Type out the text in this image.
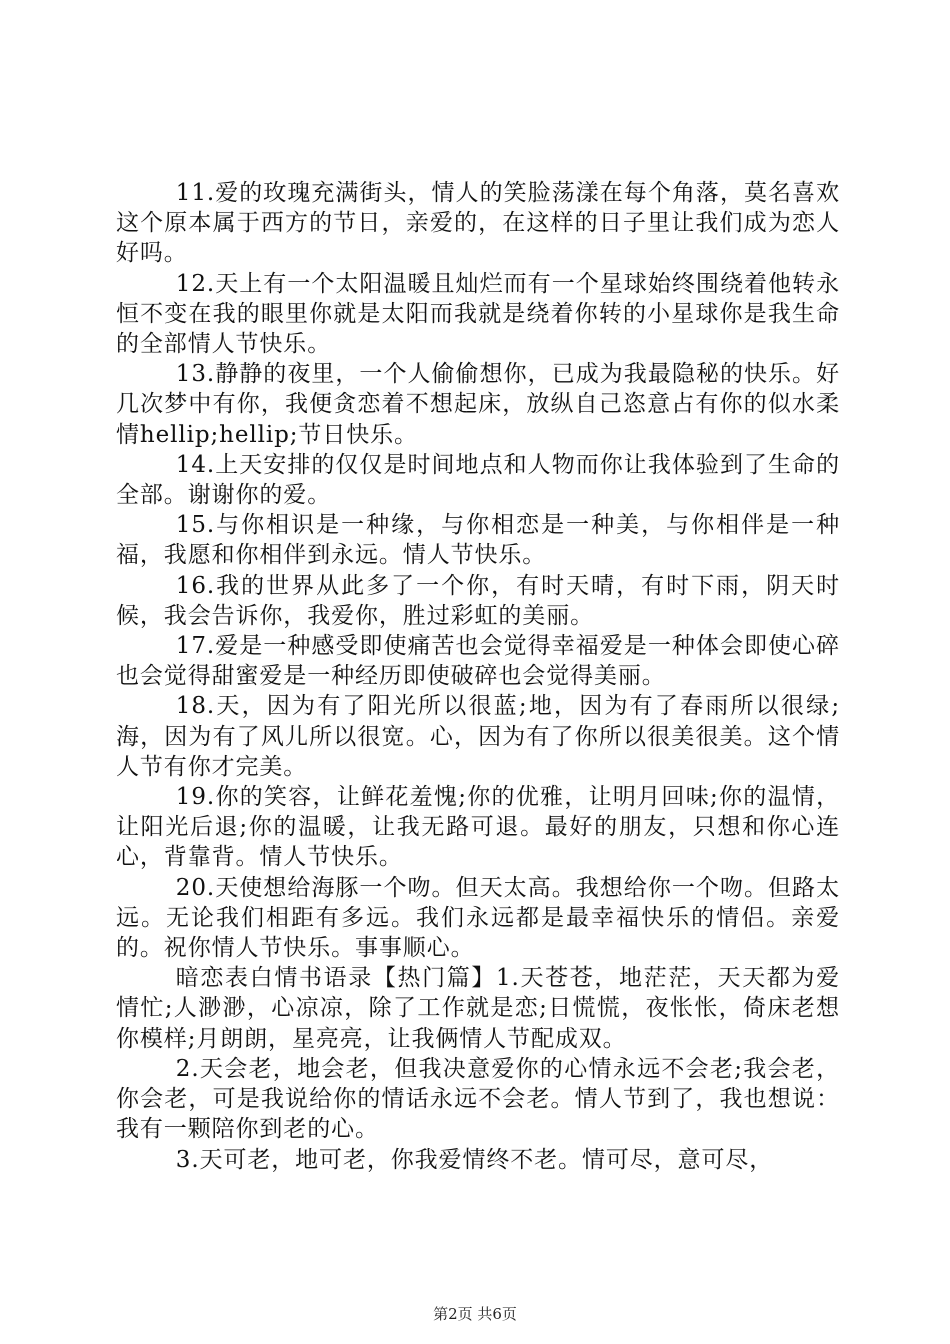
11.爱的玫瑰充满街头，情人的笑脸荡漾在每个角落，莫名喜欢这个原本属于西方的节日，亲爱的，在这样的日子里让我们成为恋人好吗。

12.天上有一个太阳温暖且灿烂而有一个星球始终围绕着他转永恒不变在我的眼里你就是太阳而我就是绕着你转的小星球你是我生命的全部情人节快乐。

13.静静的夜里，一个人偷偷想你，已成为我最隐秘的快乐。好几次梦中有你，我便贪恋着不想起床，放纵自己恣意占有你的似水柔情hellip;hellip;节日快乐。

14.上天安排的仅仅是时间地点和人物而你让我体验到了生命的全部。谢谢你的爱。

15.与你相识是一种缘，与你相恋是一种美，与你相伴是一种福，我愿和你相伴到永远。情人节快乐。

16.我的世界从此多了一个你，有时天晴，有时下雨，阴天时候，我会告诉你，我爱你，胜过彩虹的美丽。

17.爱是一种感受即使痛苦也会觉得幸福爱是一种体会即使心碎也会觉得甜蜜爱是一种经历即使破碎也会觉得美丽。

18.天，因为有了阳光所以很蓝;地，因为有了春雨所以很绿;海，因为有了风儿所以很宽。心，因为有了你所以很美很美。这个情人节有你才完美。

19.你的笑容，让鲜花羞愧;你的优雅，让明月回味;你的温情，让阳光后退;你的温暖，让我无路可退。最好的朋友，只想和你心连心，背靠背。情人节快乐。

20.天使想给海豚一个吻。但天太高。我想给你一个吻。但路太远。无论我们相距有多远。我们永远都是最幸福快乐的情侣。亲爱的。祝你情人节快乐。事事顺心。

暗恋表白情书语录【热门篇】1.天苍苍，地茫茫，天天都为爱情忙;人渺渺，心凉凉，除了工作就是恋;日慌慌，夜怅怅，倚床老想你模样;月朗朗，星亮亮，让我俩情人节配成双。

2.天会老，地会老，但我决意爱你的心情永远不会老;我会老，你会老，可是我说给你的情话永远不会老。情人节到了，我也想说：我有一颗陪你到老的心。

3.天可老，地可老，你我爱情终不老。情可尽，意可尽，

第2页 共6页
